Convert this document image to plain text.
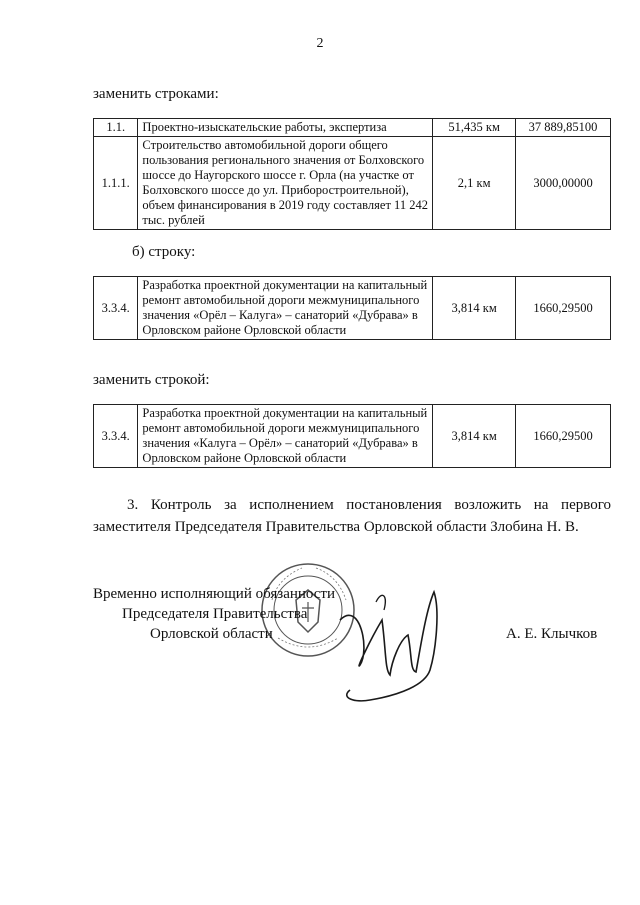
2
заменить строками:
1.1.	Проектно-изыскательские работы, экспертиза	51,435 км	37 889,85100
1.1.1.	Строительство автомобильной дороги общего пользования регионального значения от Болховского шоссе до Наугорского шоссе г. Орла (на участке от Болховского шоссе до ул. Приборостроительной), объем финансирования в 2019 году составляет 11 242 тыс. рублей	2,1 км	3000,00000
б) строку:
3.3.4.	Разработка проектной документации на капитальный ремонт автомобильной дороги межмуниципального значения «Орёл – Калуга» – санаторий «Дубрава» в Орловском районе Орловской области	3,814 км	1660,29500
заменить строкой:
3.3.4.	Разработка проектной документации на капитальный ремонт автомобильной дороги межмуниципального значения «Калуга – Орёл» – санаторий «Дубрава» в Орловском районе Орловской области	3,814 км	1660,29500
3. Контроль за исполнением постановления возложить на первого заместителя Председателя Правительства Орловской области Злобина Н. В.
Временно исполняющий обязанности
Председателя Правительства
Орловской области	А. Е. Клычков
